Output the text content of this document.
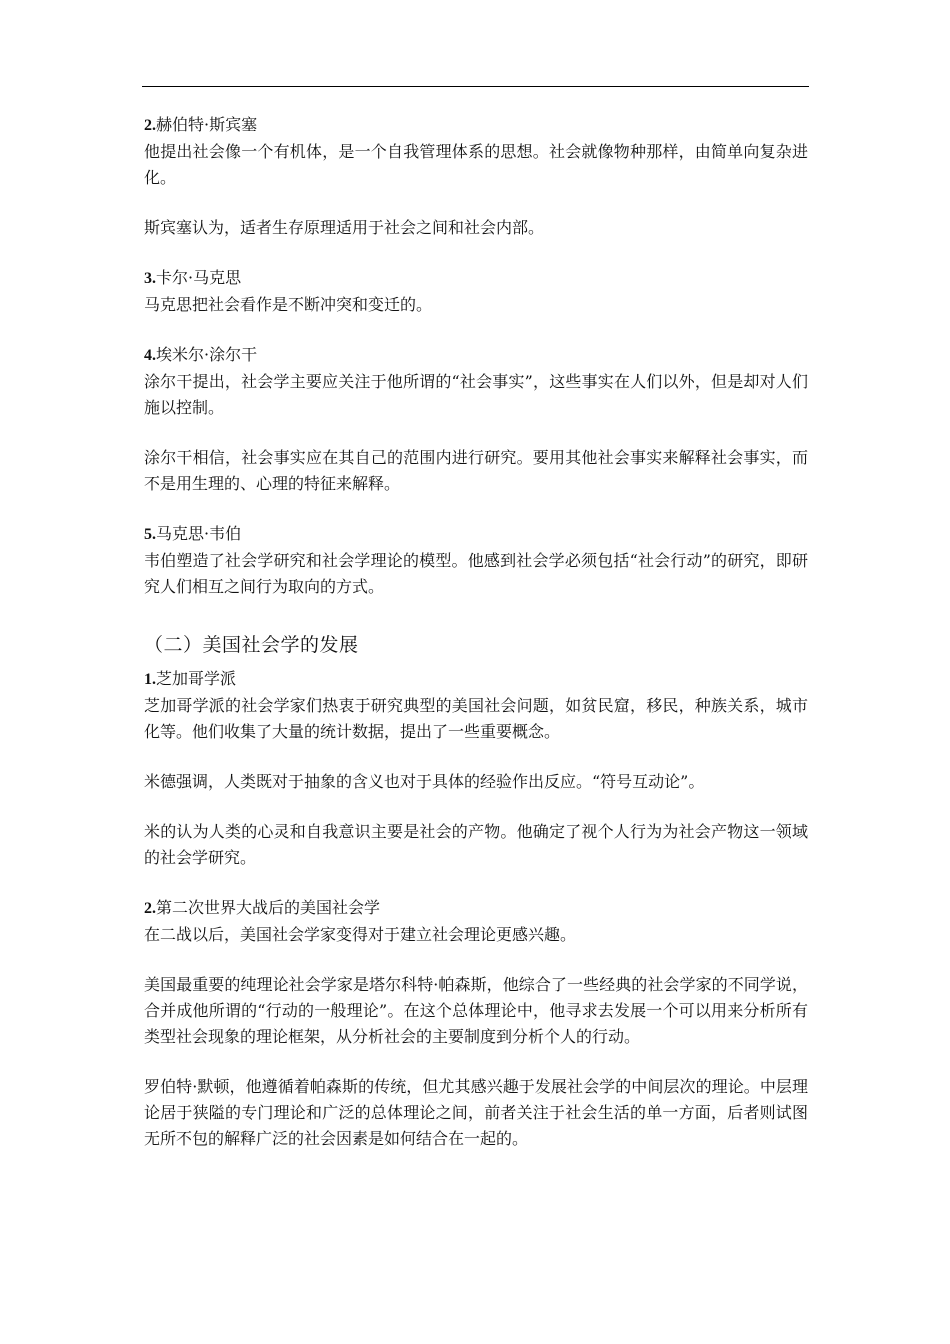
2.赫伯特·斯宾塞

他提出社会像一个有机体，是一个自我管理体系的思想。社会就像物种那样，由简单向复杂进化。

斯宾塞认为，适者生存原理适用于社会之间和社会内部。

3.卡尔·马克思

马克思把社会看作是不断冲突和变迁的。

4.埃米尔·涂尔干

涂尔干提出，社会学主要应关注于他所谓的“社会事实”，这些事实在人们以外，但是却对人们施以控制。

涂尔干相信，社会事实应在其自己的范围内进行研究。要用其他社会事实来解释社会事实，而不是用生理的、心理的特征来解释。

5.马克思·韦伯

韦伯塑造了社会学研究和社会学理论的模型。他感到社会学必须包括“社会行动”的研究，即研究人们相互之间行为取向的方式。

（二）美国社会学的发展

1.芝加哥学派

芝加哥学派的社会学家们热衷于研究典型的美国社会问题，如贫民窟，移民，种族关系，城市化等。他们收集了大量的统计数据，提出了一些重要概念。

米德强调，人类既对于抽象的含义也对于具体的经验作出反应。“符号互动论”。

米的认为人类的心灵和自我意识主要是社会的产物。他确定了视个人行为为社会产物这一领域的社会学研究。

2.第二次世界大战后的美国社会学

在二战以后，美国社会学家变得对于建立社会理论更感兴趣。

美国最重要的纯理论社会学家是塔尔科特·帕森斯，他综合了一些经典的社会学家的不同学说，合并成他所谓的“行动的一般理论”。在这个总体理论中，他寻求去发展一个可以用来分析所有类型社会现象的理论框架，从分析社会的主要制度到分析个人的行动。

罗伯特·默顿，他遵循着帕森斯的传统，但尤其感兴趣于发展社会学的中间层次的理论。中层理论居于狭隘的专门理论和广泛的总体理论之间，前者关注于社会生活的单一方面，后者则试图无所不包的解释广泛的社会因素是如何结合在一起的。
